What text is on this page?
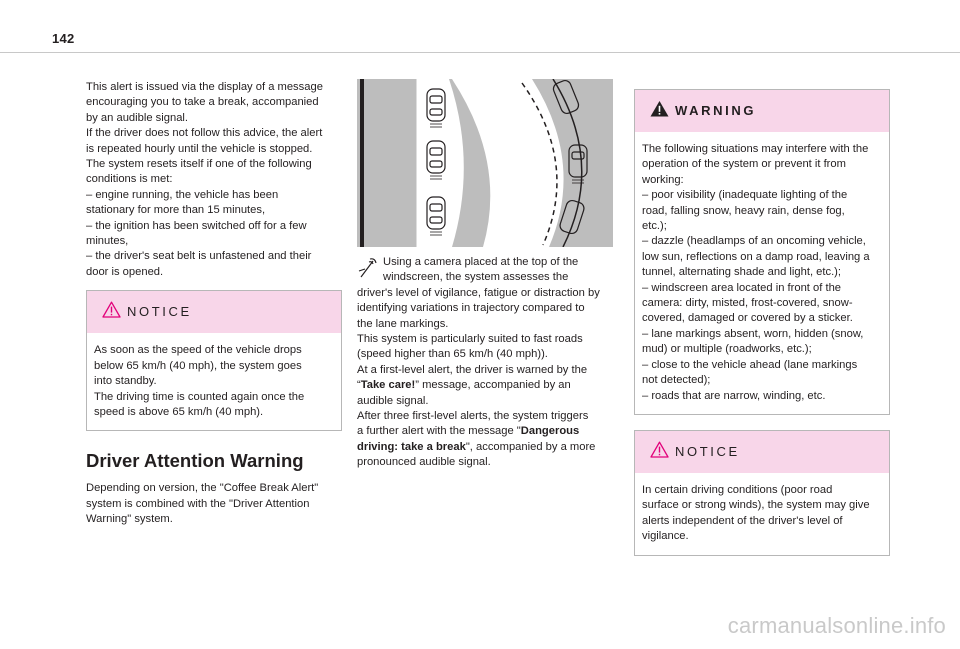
142

This alert is issued via the display of a message
encouraging you to take a break, accompanied
by an audible signal.
If the driver does not follow this advice, the alert
is repeated hourly until the vehicle is stopped.
The system resets itself if one of the following
conditions is met:
– engine running, the vehicle has been
stationary for more than 15 minutes,
– the ignition has been switched off for a few
minutes,
– the driver's seat belt is unfastened and their
door is opened.

NOTICE

As soon as the speed of the vehicle drops
below 65 km/h (40 mph), the system goes
into standby.
The driving time is counted again once the
speed is above 65 km/h (40 mph).

Driver Attention Warning

Depending on version, the "Coffee Break Alert"
system is combined with the "Driver Attention
Warning" system.

Using a camera placed at the top of the
windscreen, the system assesses the

driver's level of vigilance, fatigue or distraction by
identifying variations in trajectory compared to
the lane markings.
This system is particularly suited to fast roads
(speed higher than 65 km/h (40 mph)).
At a first-level alert, the driver is warned by the
“Take care!” message, accompanied by an
audible signal.
After three first-level alerts, the system triggers
a further alert with the message "Dangerous
driving: take a break", accompanied by a more
pronounced audible signal.

WARNING

The following situations may interfere with the
operation of the system or prevent it from
working:
– poor visibility (inadequate lighting of the
road, falling snow, heavy rain, dense fog,
etc.);
– dazzle (headlamps of an oncoming vehicle,
low sun, reflections on a damp road, leaving a
tunnel, alternating shade and light, etc.);
– windscreen area located in front of the
camera: dirty, misted, frost-covered, snow-
covered, damaged or covered by a sticker.
– lane markings absent, worn, hidden (snow,
mud) or multiple (roadworks, etc.);
– close to the vehicle ahead (lane markings
not detected);
– roads that are narrow, winding, etc.

NOTICE

In certain driving conditions (poor road
surface or strong winds), the system may give
alerts independent of the driver's level of
vigilance.

carmanualsonline.info
